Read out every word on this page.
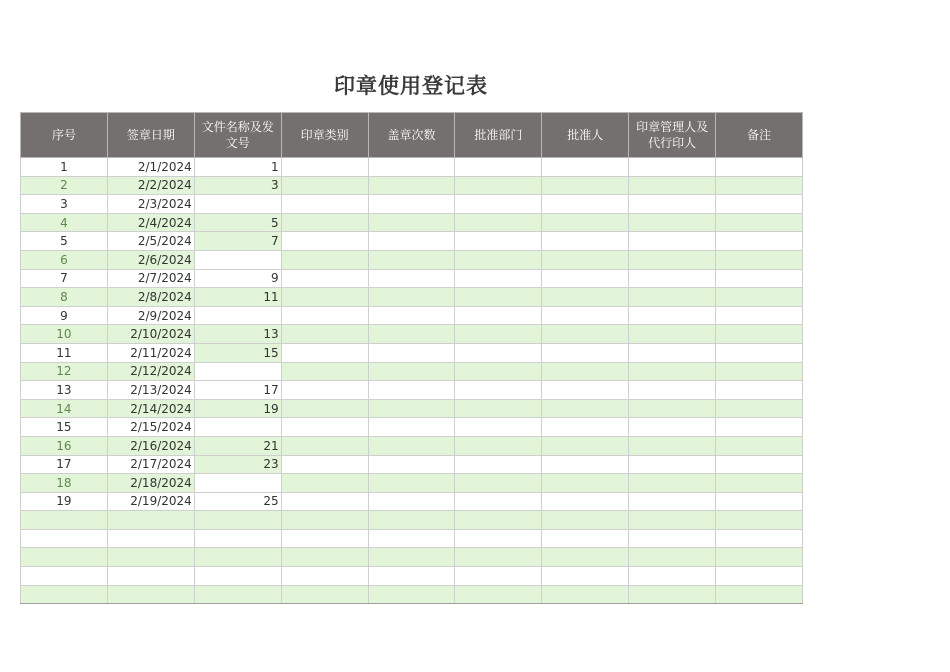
印章使用登记表
序号	签章日期	文件名称及发文号	印章类别	盖章次数	批准部门	批准人	印章管理人及代行印人	备注
1	2/1/2024	1						
2	2/2/2024	3						
3	2/3/2024							
4	2/4/2024	5						
5	2/5/2024	7						
6	2/6/2024							
7	2/7/2024	9						
8	2/8/2024	11						
9	2/9/2024							
10	2/10/2024	13						
11	2/11/2024	15						
12	2/12/2024							
13	2/13/2024	17						
14	2/14/2024	19						
15	2/15/2024							
16	2/16/2024	21						
17	2/17/2024	23						
18	2/18/2024							
19	2/19/2024	25						
